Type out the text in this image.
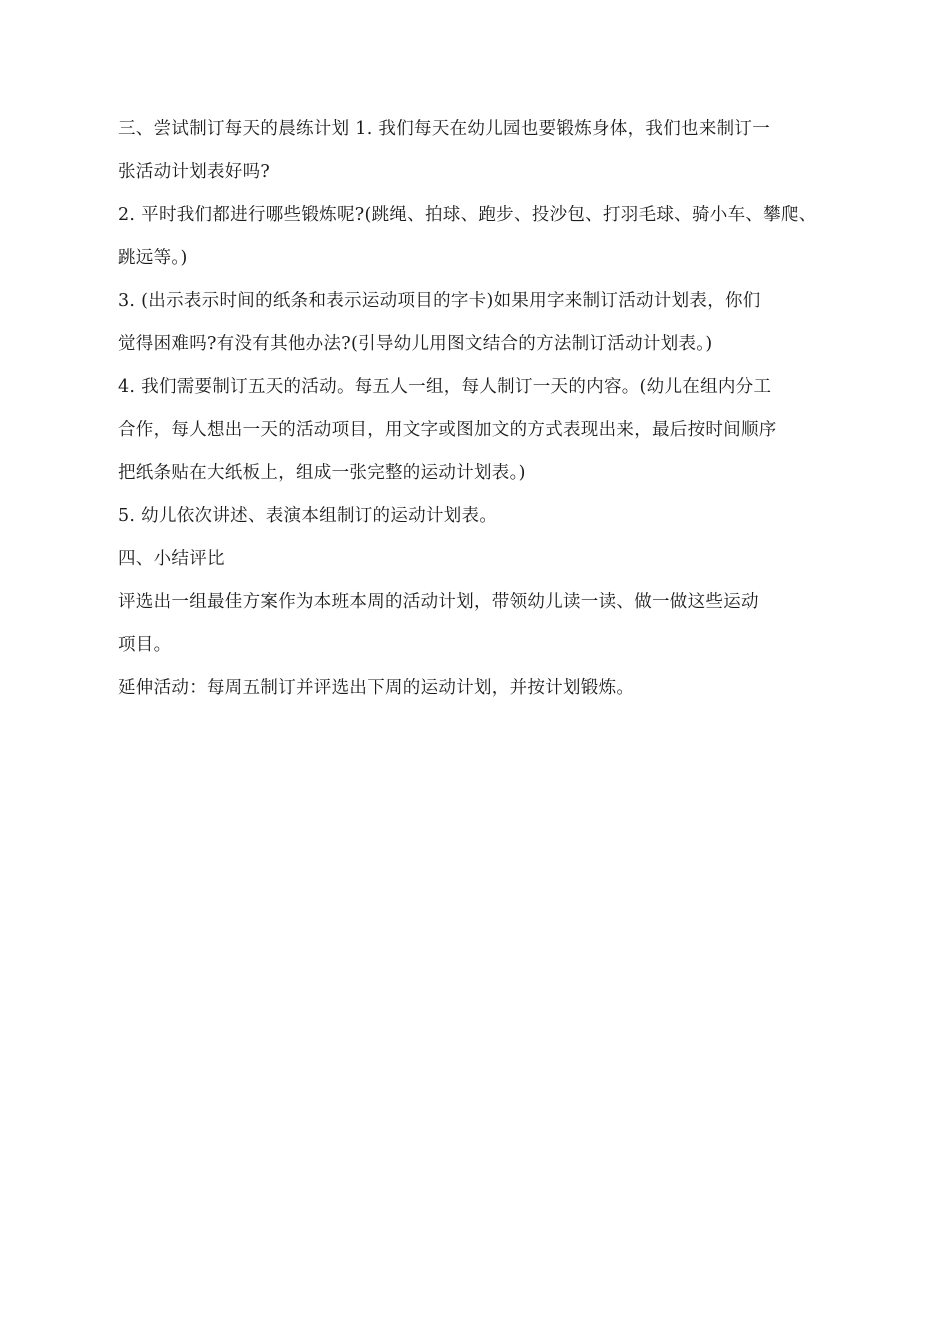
三、尝试制订每天的晨练计划 1. 我们每天在幼儿园也要锻炼身体，我们也来制订一
张活动计划表好吗?
2. 平时我们都进行哪些锻炼呢?(跳绳、拍球、跑步、投沙包、打羽毛球、骑小车、攀爬、
跳远等。)
3. (出示表示时间的纸条和表示运动项目的字卡)如果用字来制订活动计划表，你们
觉得困难吗?有没有其他办法?(引导幼儿用图文结合的方法制订活动计划表。)
4. 我们需要制订五天的活动。每五人一组，每人制订一天的内容。(幼儿在组内分工
合作，每人想出一天的活动项目，用文字或图加文的方式表现出来，最后按时间顺序
把纸条贴在大纸板上，组成一张完整的运动计划表。)
5. 幼儿依次讲述、表演本组制订的运动计划表。
四、小结评比
评选出一组最佳方案作为本班本周的活动计划，带领幼儿读一读、做一做这些运动
项目。
延伸活动：每周五制订并评选出下周的运动计划，并按计划锻炼。
